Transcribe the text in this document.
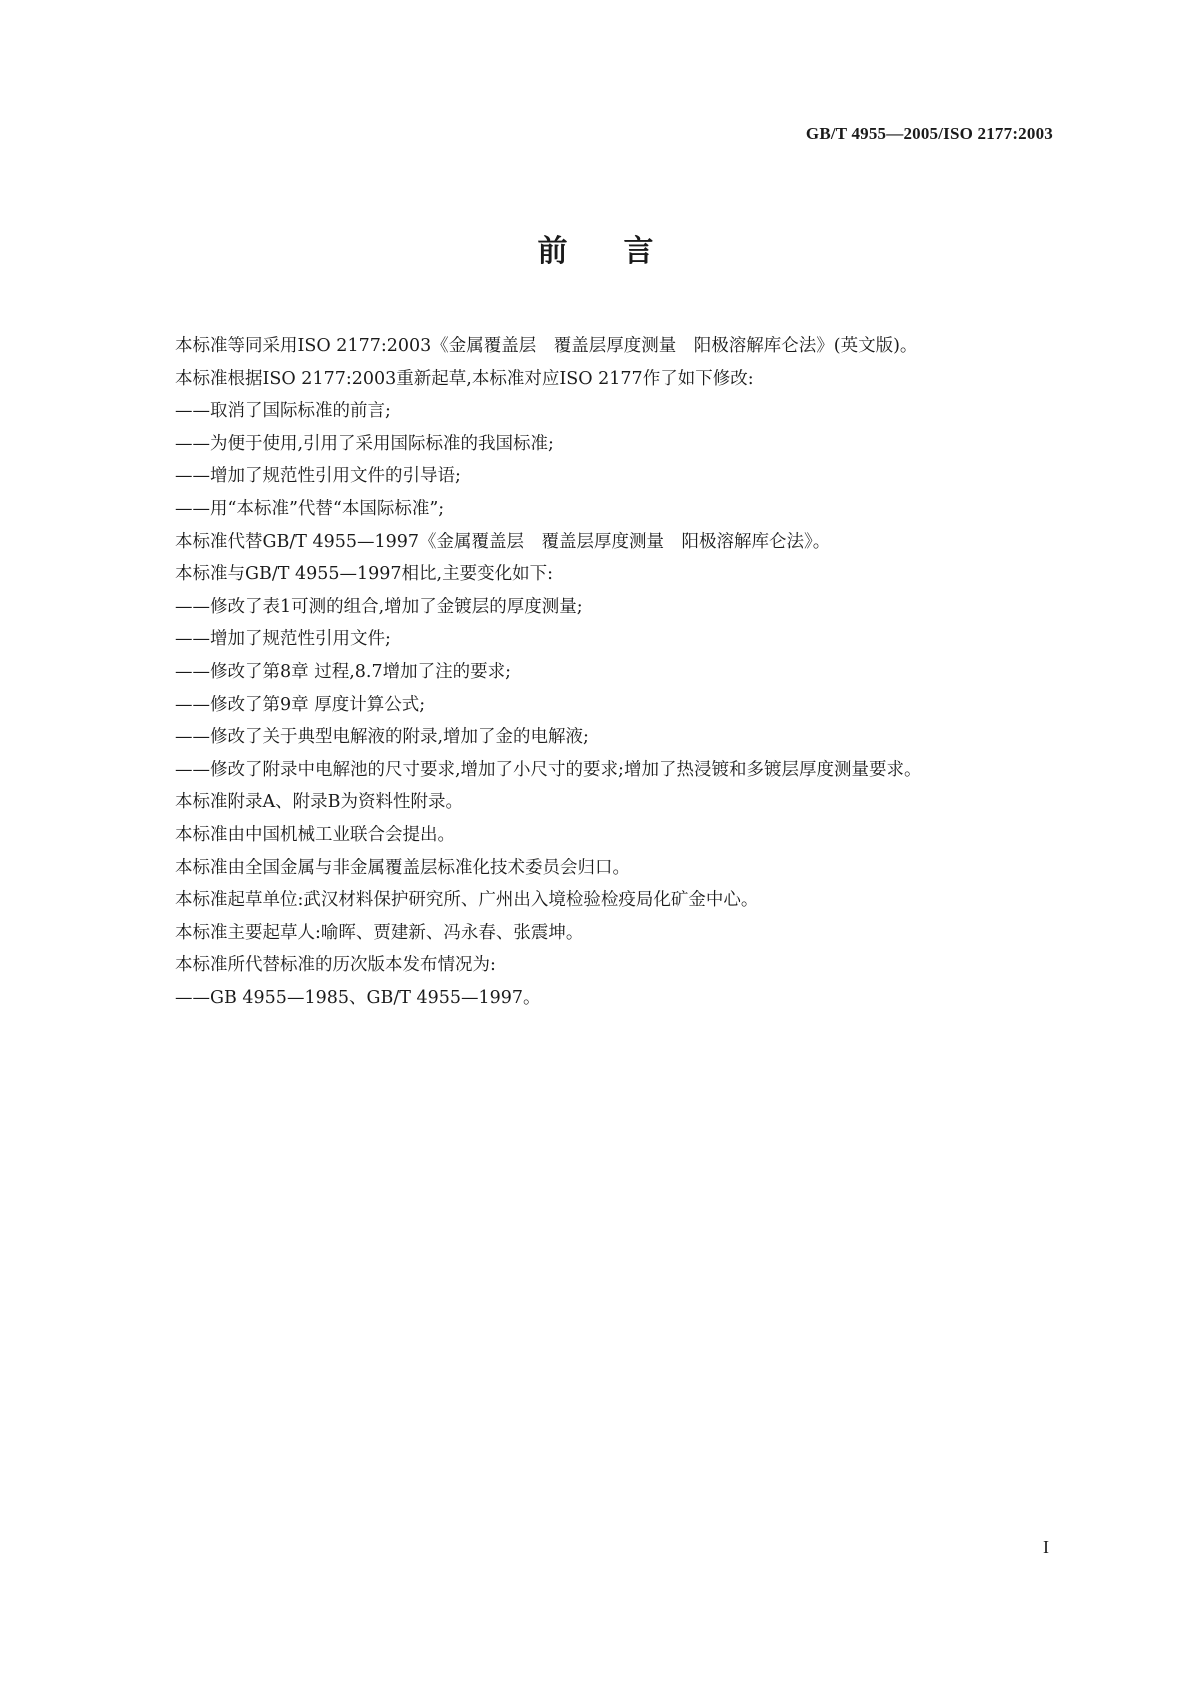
GB/T 4955—2005/ISO 2177:2003
前言
本标准等同采用ISO 2177:2003《金属覆盖层　覆盖层厚度测量　阳极溶解库仑法》(英文版)。
本标准根据ISO 2177:2003重新起草,本标准对应ISO 2177作了如下修改:
——取消了国际标准的前言;
——为便于使用,引用了采用国际标准的我国标准;
——增加了规范性引用文件的引导语;
——用“本标准”代替“本国际标准”;
本标准代替GB/T 4955—1997《金属覆盖层　覆盖层厚度测量　阳极溶解库仑法》。
本标准与GB/T 4955—1997相比,主要变化如下:
——修改了表1可测的组合,增加了金镀层的厚度测量;
——增加了规范性引用文件;
——修改了第8章 过程,8.7增加了注的要求;
——修改了第9章 厚度计算公式;
——修改了关于典型电解液的附录,增加了金的电解液;
——修改了附录中电解池的尺寸要求,增加了小尺寸的要求;增加了热浸镀和多镀层厚度测量要求。
本标准附录A、附录B为资料性附录。
本标准由中国机械工业联合会提出。
本标准由全国金属与非金属覆盖层标准化技术委员会归口。
本标准起草单位:武汉材料保护研究所、广州出入境检验检疫局化矿金中心。
本标准主要起草人:喻晖、贾建新、冯永春、张震坤。
本标准所代替标准的历次版本发布情况为:
——GB 4955—1985、GB/T 4955—1997。
I
